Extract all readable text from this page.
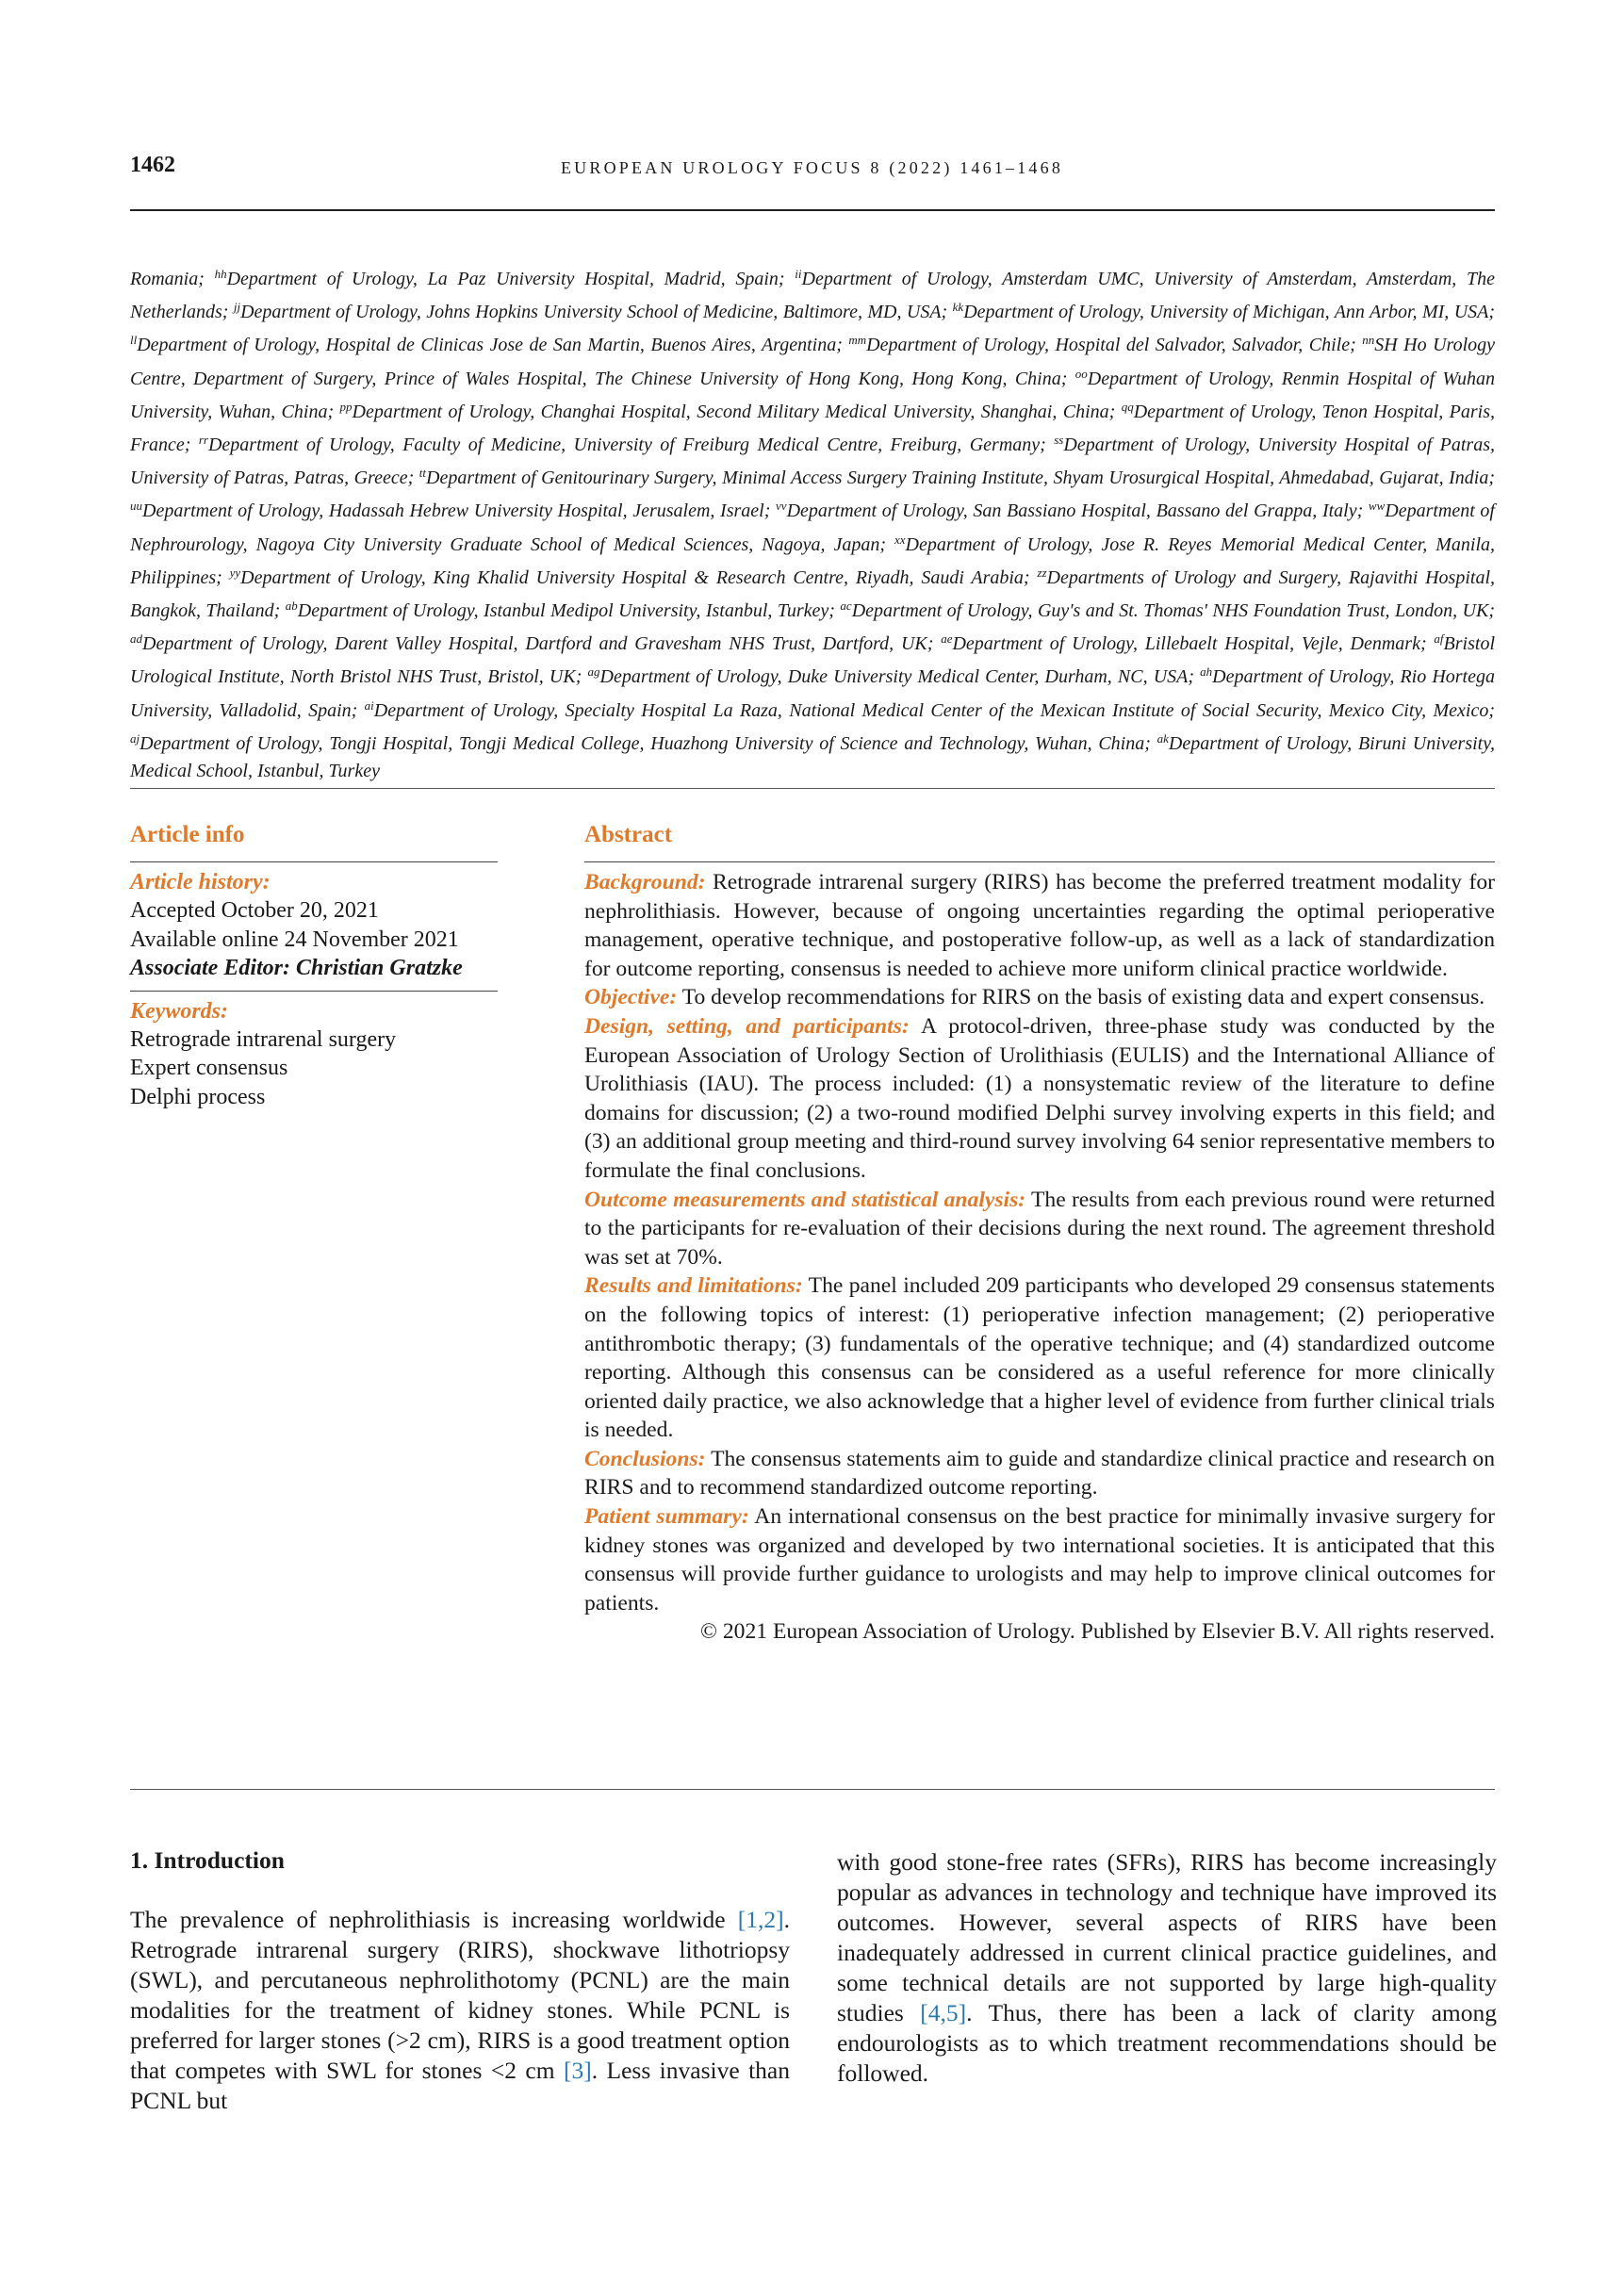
1462	EUROPEAN UROLOGY FOCUS 8 (2022) 1461–1468

Romania; $^{hh}$Department of Urology, La Paz University Hospital, Madrid, Spain; $^{ii}$Department of Urology, Amsterdam UMC, University of Amsterdam, Amsterdam, The Netherlands; $^{jj}$Department of Urology, Johns Hopkins University School of Medicine, Baltimore, MD, USA; $^{kk}$Department of Urology, University of Michigan, Ann Arbor, MI, USA; $^{ll}$Department of Urology, Hospital de Clinicas Jose de San Martin, Buenos Aires, Argentina; $^{mm}$Department of Urology, Hospital del Salvador, Salvador, Chile; $^{nn}$SH Ho Urology Centre, Department of Surgery, Prince of Wales Hospital, The Chinese University of Hong Kong, Hong Kong, China; $^{oo}$Department of Urology, Renmin Hospital of Wuhan University, Wuhan, China; $^{pp}$Department of Urology, Changhai Hospital, Second Military Medical University, Shanghai, China; $^{qq}$Department of Urology, Tenon Hospital, Paris, France; $^{rr}$Department of Urology, Faculty of Medicine, University of Freiburg Medical Centre, Freiburg, Germany; $^{ss}$Department of Urology, University Hospital of Patras, University of Patras, Patras, Greece; $^{tt}$Department of Genitourinary Surgery, Minimal Access Surgery Training Institute, Shyam Urosurgical Hospital, Ahmedabad, Gujarat, India; $^{uu}$Department of Urology, Hadassah Hebrew University Hospital, Jerusalem, Israel; $^{vv}$Department of Urology, San Bassiano Hospital, Bassano del Grappa, Italy; $^{ww}$Department of Nephrourology, Nagoya City University Graduate School of Medical Sciences, Nagoya, Japan; $^{xx}$Department of Urology, Jose R. Reyes Memorial Medical Center, Manila, Philippines; $^{yy}$Department of Urology, King Khalid University Hospital & Research Centre, Riyadh, Saudi Arabia; $^{zz}$Departments of Urology and Surgery, Rajavithi Hospital, Bangkok, Thailand; $^{ab}$Department of Urology, Istanbul Medipol University, Istanbul, Turkey; $^{ac}$Department of Urology, Guy's and St. Thomas' NHS Foundation Trust, London, UK; $^{ad}$Department of Urology, Darent Valley Hospital, Dartford and Gravesham NHS Trust, Dartford, UK; $^{ae}$Department of Urology, Lillebaelt Hospital, Vejle, Denmark; $^{af}$Bristol Urological Institute, North Bristol NHS Trust, Bristol, UK; $^{ag}$Department of Urology, Duke University Medical Center, Durham, NC, USA; $^{ah}$Department of Urology, Rio Hortega University, Valladolid, Spain; $^{ai}$Department of Urology, Specialty Hospital La Raza, National Medical Center of the Mexican Institute of Social Security, Mexico City, Mexico; $^{aj}$Department of Urology, Tongji Hospital, Tongji Medical College, Huazhong University of Science and Technology, Wuhan, China; $^{ak}$Department of Urology, Biruni University, Medical School, Istanbul, Turkey

Article info

Article history:

Accepted October 20, 2021

Available online 24 November 2021

Associate Editor: Christian Gratzke

Keywords:

Retrograde intrarenal surgery

Expert consensus

Delphi process

Abstract

Background: Retrograde intrarenal surgery (RIRS) has become the preferred treatment modality for nephrolithiasis. However, because of ongoing uncertainties regarding the optimal perioperative management, operative technique, and postoperative follow-up, as well as a lack of standardization for outcome reporting, consensus is needed to achieve more uniform clinical practice worldwide.

Objective: To develop recommendations for RIRS on the basis of existing data and expert consensus.

Design, setting, and participants: A protocol-driven, three-phase study was conducted by the European Association of Urology Section of Urolithiasis (EULIS) and the International Alliance of Urolithiasis (IAU). The process included: (1) a nonsystematic review of the literature to define domains for discussion; (2) a two-round modified Delphi survey involving experts in this field; and (3) an additional group meeting and third-round survey involving 64 senior representative members to formulate the final conclusions.

Outcome measurements and statistical analysis: The results from each previous round were returned to the participants for re-evaluation of their decisions during the next round. The agreement threshold was set at 70%.

Results and limitations: The panel included 209 participants who developed 29 consensus statements on the following topics of interest: (1) perioperative infection management; (2) perioperative antithrombotic therapy; (3) fundamentals of the operative technique; and (4) standardized outcome reporting. Although this consensus can be considered as a useful reference for more clinically oriented daily practice, we also acknowledge that a higher level of evidence from further clinical trials is needed.

Conclusions: The consensus statements aim to guide and standardize clinical practice and research on RIRS and to recommend standardized outcome reporting.

Patient summary: An international consensus on the best practice for minimally invasive surgery for kidney stones was organized and developed by two international societies. It is anticipated that this consensus will provide further guidance to urologists and may help to improve clinical outcomes for patients.

© 2021 European Association of Urology. Published by Elsevier B.V. All rights reserved.

1. Introduction

The prevalence of nephrolithiasis is increasing worldwide [1,2]. Retrograde intrarenal surgery (RIRS), shockwave lithotriopsy (SWL), and percutaneous nephrolithotomy (PCNL) are the main modalities for the treatment of kidney stones. While PCNL is preferred for larger stones (>2 cm), RIRS is a good treatment option that competes with SWL for stones <2 cm [3]. Less invasive than PCNL but

with good stone-free rates (SFRs), RIRS has become increasingly popular as advances in technology and technique have improved its outcomes. However, several aspects of RIRS have been inadequately addressed in current clinical practice guidelines, and some technical details are not supported by large high-quality studies [4,5]. Thus, there has been a lack of clarity among endourologists as to which treatment recommendations should be followed.
